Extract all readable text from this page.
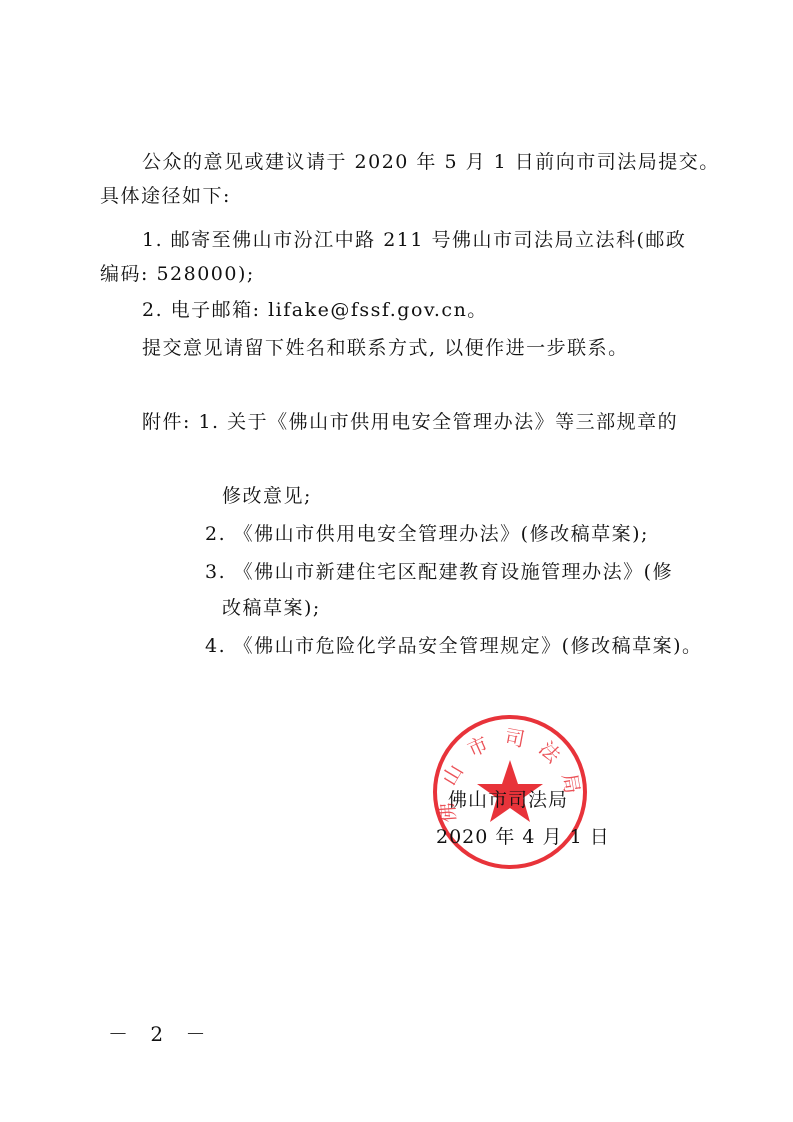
公众的意见或建议请于 2020 年 5 月 1 日前向市司法局提交。
具体途径如下:
1. 邮寄至佛山市汾江中路 211 号佛山市司法局立法科(邮政
编码: 528000);
2. 电子邮箱: lifake@fssf.gov.cn。
提交意见请留下姓名和联系方式, 以便作进一步联系。
附件: 1. 关于《佛山市供用电安全管理办法》等三部规章的
修改意见;
2. 《佛山市供用电安全管理办法》(修改稿草案);
3. 《佛山市新建住宅区配建教育设施管理办法》(修
改稿草案);
4. 《佛山市危险化学品安全管理规定》(修改稿草案)。
佛山市司法局
佛山市司法局
2020 年 4 月 1 日
－ 2 －
